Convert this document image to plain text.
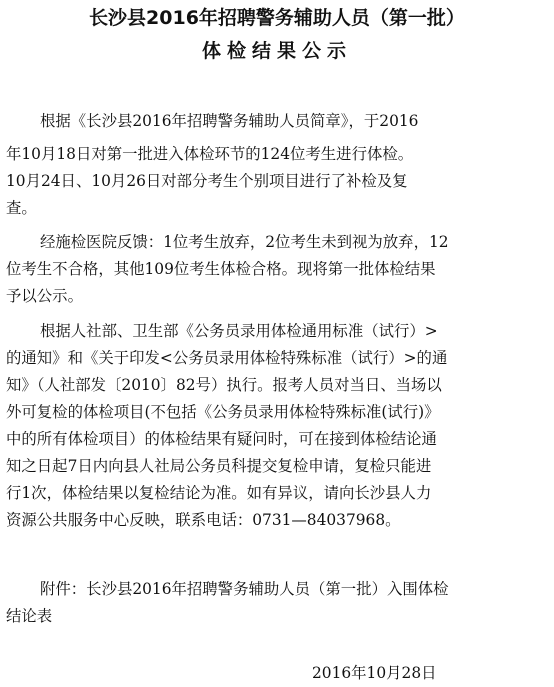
长沙县2016年招聘警务辅助人员（第一批）
体检结果公示
根据《长沙县2016年招聘警务辅助人员简章》，于2016
年10月18日对第一批进入体检环节的124位考生进行体检。
10月24日、10月26日对部分考生个别项目进行了补检及复
查。
经施检医院反馈：1位考生放弃，2位考生未到视为放弃，12
位考生不合格，其他109位考生体检合格。现将第一批体检结果
予以公示。
根据人社部、卫生部《公务员录用体检通用标准（试行）>
的通知》和《关于印发<公务员录用体检特殊标准（试行）>的通
知》（人社部发〔2010〕82号）执行。报考人员对当日、当场以
外可复检的体检项目(不包括《公务员录用体检特殊标准(试行)》
中的所有体检项目）的体检结果有疑问时，可在接到体检结论通
知之日起7日内向县人社局公务员科提交复检申请，复检只能进
行1次，体检结果以复检结论为准。如有异议，请向长沙县人力
资源公共服务中心反映，联系电话：0731—84037968。
附件：长沙县2016年招聘警务辅助人员（第一批）入围体检
结论表
2016年10月28日
